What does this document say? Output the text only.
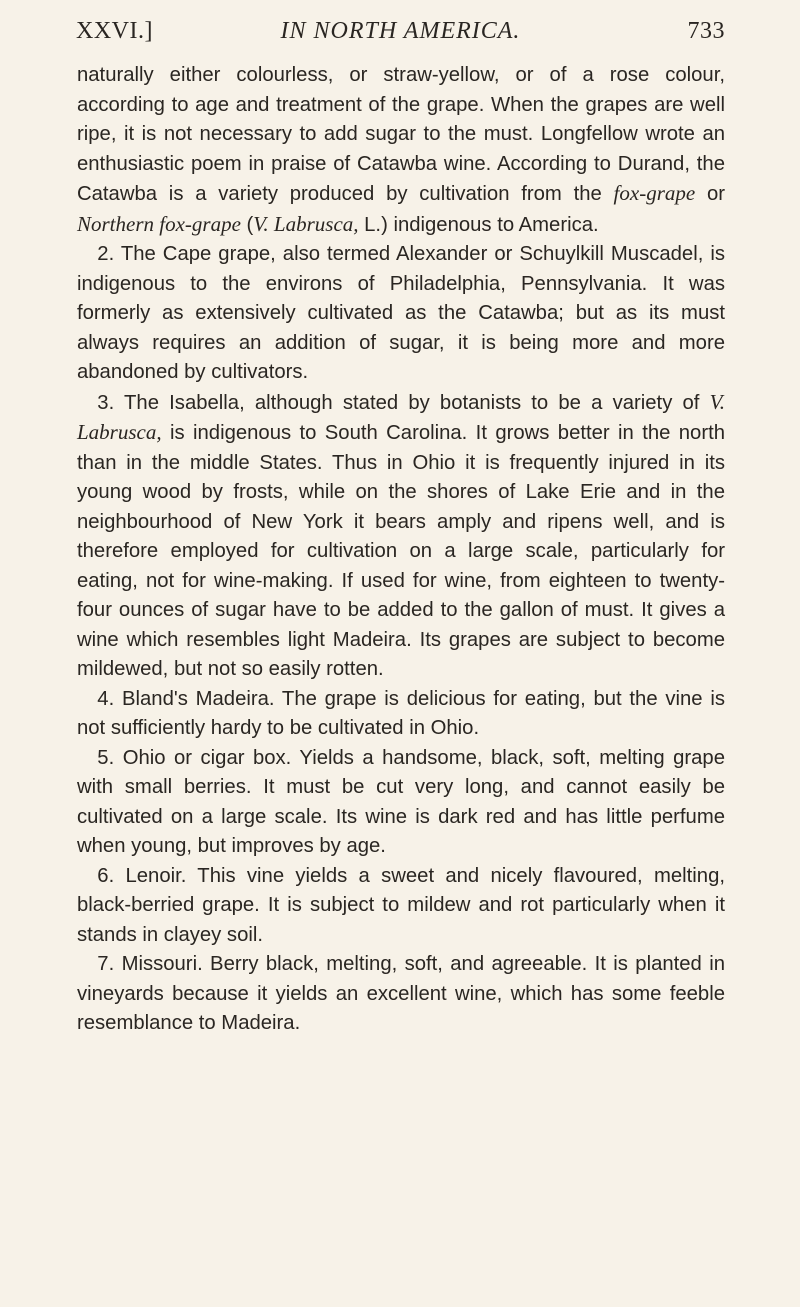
XXVI.]	IN NORTH AMERICA.	733

naturally either colourless, or straw-yellow, or of a rose colour, according to age and treatment of the grape. When the grapes are well ripe, it is not necessary to add sugar to the must. Longfellow wrote an enthusiastic poem in praise of Catawba wine. According to Durand, the Catawba is a variety produced by cultivation from the fox-grape or Northern fox-grape (V. Labrusca, L.) indigenous to America.

2. The Cape grape, also termed Alexander or Schuylkill Muscadel, is indigenous to the environs of Philadelphia, Pennsylvania. It was formerly as extensively cultivated as the Catawba; but as its must always requires an addition of sugar, it is being more and more abandoned by cultivators.

3. The Isabella, although stated by botanists to be a variety of V. Labrusca, is indigenous to South Carolina. It grows better in the north than in the middle States. Thus in Ohio it is frequently injured in its young wood by frosts, while on the shores of Lake Erie and in the neighbourhood of New York it bears amply and ripens well, and is therefore employed for cultivation on a large scale, particularly for eating, not for wine-making. If used for wine, from eighteen to twenty-four ounces of sugar have to be added to the gallon of must. It gives a wine which resembles light Madeira. Its grapes are subject to become mildewed, but not so easily rotten.

4. Bland's Madeira. The grape is delicious for eating, but the vine is not sufficiently hardy to be cultivated in Ohio.

5. Ohio or cigar box. Yields a handsome, black, soft, melting grape with small berries. It must be cut very long, and cannot easily be cultivated on a large scale. Its wine is dark red and has little perfume when young, but improves by age.

6. Lenoir. This vine yields a sweet and nicely flavoured, melting, black-berried grape. It is subject to mildew and rot particularly when it stands in clayey soil.

7. Missouri. Berry black, melting, soft, and agreeable. It is planted in vineyards because it yields an excellent wine, which has some feeble resemblance to Madeira.
